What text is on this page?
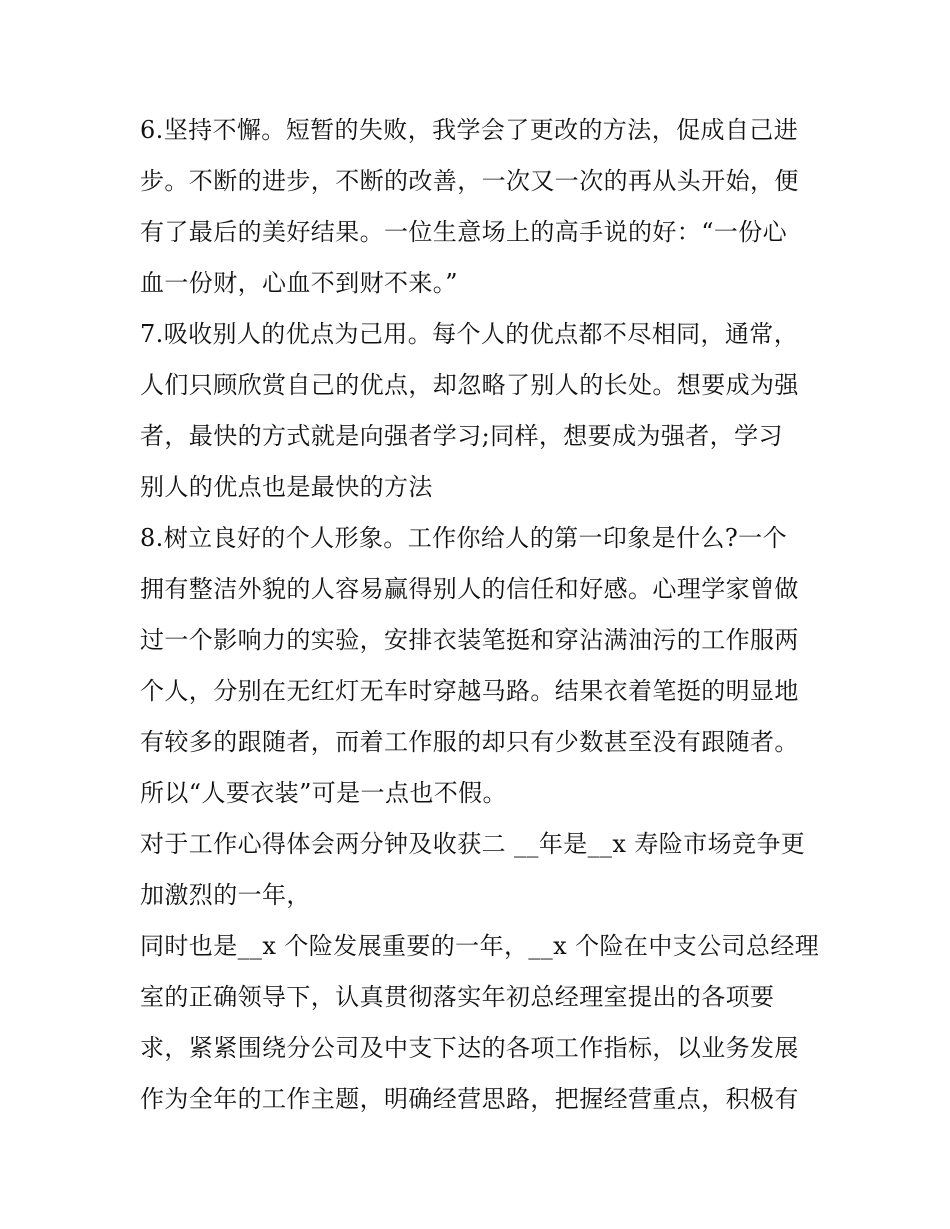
6.坚持不懈。短暂的失败，我学会了更改的方法，促成自己进
步。不断的进步，不断的改善，一次又一次的再从头开始，便
有了最后的美好结果。一位生意场上的高手说的好：“一份心
血一份财，心血不到财不来。”
7.吸收别人的优点为己用。每个人的优点都不尽相同，通常，
人们只顾欣赏自己的优点，却忽略了别人的长处。想要成为强
者，最快的方式就是向强者学习;同样，想要成为强者，学习
别人的优点也是最快的方法
8.树立良好的个人形象。工作你给人的第一印象是什么?一个
拥有整洁外貌的人容易赢得别人的信任和好感。心理学家曾做
过一个影响力的实验，安排衣装笔挺和穿沾满油污的工作服两
个人，分别在无红灯无车时穿越马路。结果衣着笔挺的明显地
有较多的跟随者，而着工作服的却只有少数甚至没有跟随者。
所以“人要衣装”可是一点也不假。
对于工作心得体会两分钟及收获二 __年是__x 寿险市场竞争更
加激烈的一年，
同时也是__x 个险发展重要的一年，__x 个险在中支公司总经理
室的正确领导下，认真贯彻落实年初总经理室提出的各项要
求，紧紧围绕分公司及中支下达的各项工作指标，以业务发展
作为全年的工作主题，明确经营思路，把握经营重点，积极有
